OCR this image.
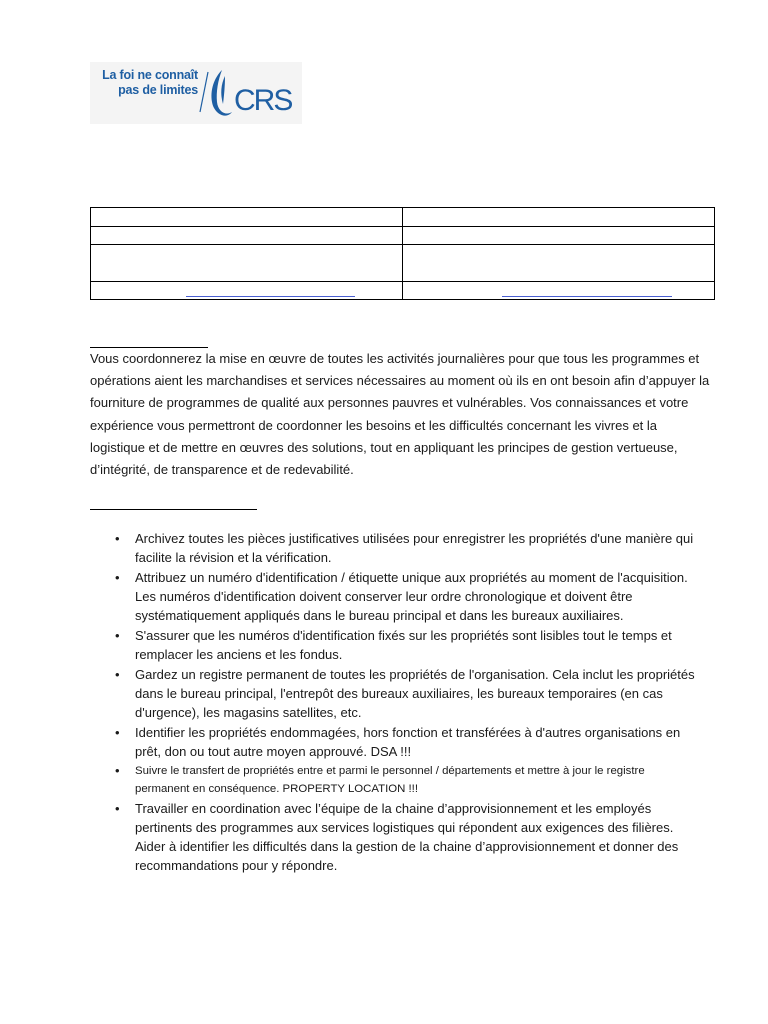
La foi ne connaît
pas de limites CRS

Vous coordonnerez la mise en œuvre de toutes les activités journalières pour que tous les programmes et opérations aient les marchandises et services nécessaires au moment où ils en ont besoin afin d’appuyer la fourniture de programmes de qualité aux personnes pauvres et vulnérables. Vos connaissances et votre expérience vous permettront de coordonner les besoins et les difficultés concernant les vivres et la logistique et de mettre en œuvres des solutions, tout en appliquant les principes de gestion vertueuse, d’intégrité, de transparence et de redevabilité.

• Archivez toutes les pièces justificatives utilisées pour enregistrer les propriétés d'une manière qui facilite la révision et la vérification.
• Attribuez un numéro d'identification / étiquette unique aux propriétés au moment de l'acquisition. Les numéros d'identification doivent conserver leur ordre chronologique et doivent être systématiquement appliqués dans le bureau principal et dans les bureaux auxiliaires.
• S'assurer que les numéros d'identification fixés sur les propriétés sont lisibles tout le temps et remplacer les anciens et les fondus.
• Gardez un registre permanent de toutes les propriétés de l'organisation. Cela inclut les propriétés dans le bureau principal, l'entrepôt des bureaux auxiliaires, les bureaux temporaires (en cas d'urgence), les magasins satellites, etc.
• Identifier les propriétés endommagées, hors fonction et transférées à d'autres organisations en prêt, don ou tout autre moyen approuvé. DSA !!!
• Suivre le transfert de propriétés entre et parmi le personnel / départements et mettre à jour le registre permanent en conséquence. PROPERTY LOCATION !!!
• Travailler en coordination avec l’équipe de la chaine d’approvisionnement et les employés pertinents des programmes aux services logistiques qui répondent aux exigences des filières. Aider à identifier les difficultés dans la gestion de la chaine d’approvisionnement et donner des recommandations pour y répondre.
